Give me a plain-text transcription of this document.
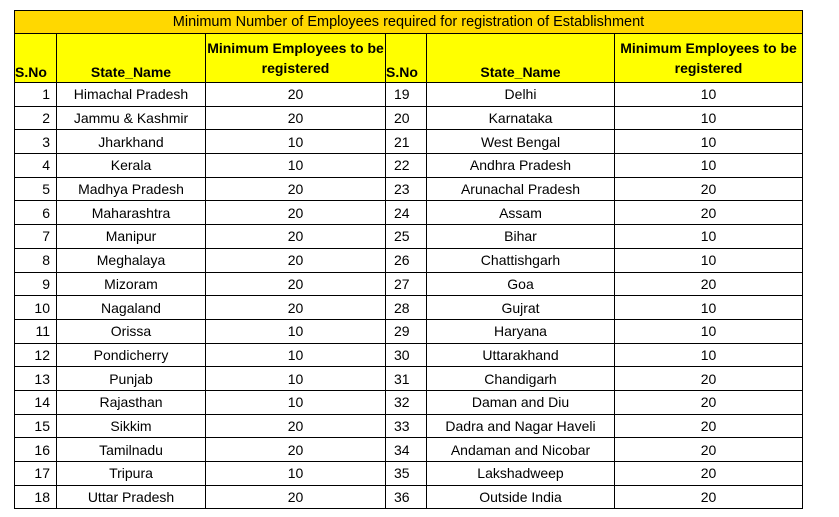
Minimum Number of Employees required for registration of Establishment					
S.No	State_Name	Minimum Employees to be registered	S.No	State_Name	Minimum Employees to be registered
1	Himachal Pradesh	20	19	Delhi	10
2	Jammu & Kashmir	20	20	Karnataka	10
3	Jharkhand	10	21	West Bengal	10
4	Kerala	10	22	Andhra Pradesh	10
5	Madhya Pradesh	20	23	Arunachal Pradesh	20
6	Maharashtra	20	24	Assam	20
7	Manipur	20	25	Bihar	10
8	Meghalaya	20	26	Chattishgarh	10
9	Mizoram	20	27	Goa	20
10	Nagaland	20	28	Gujrat	10
11	Orissa	10	29	Haryana	10
12	Pondicherry	10	30	Uttarakhand	10
13	Punjab	10	31	Chandigarh	20
14	Rajasthan	10	32	Daman and Diu	20
15	Sikkim	20	33	Dadra and Nagar Haveli	20
16	Tamilnadu	20	34	Andaman and Nicobar	20
17	Tripura	10	35	Lakshadweep	20
18	Uttar Pradesh	20	36	Outside India	20
